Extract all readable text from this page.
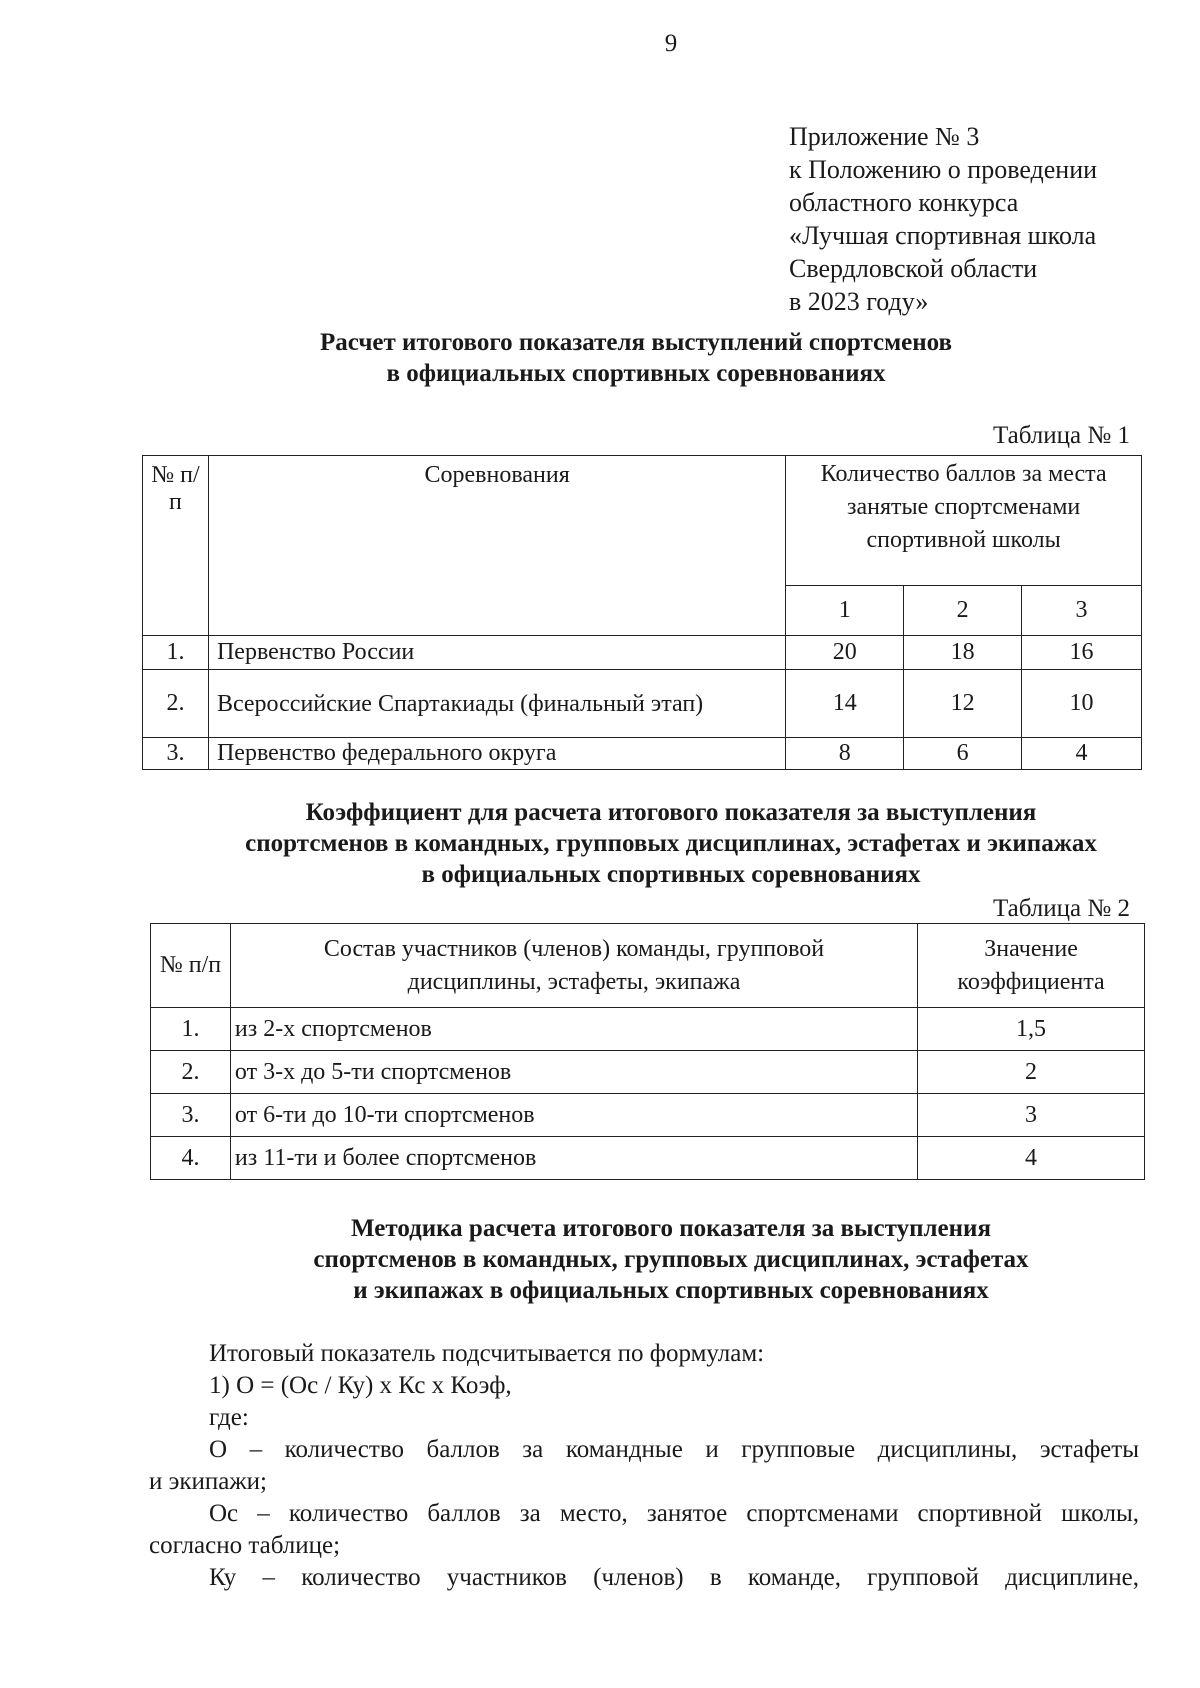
9
Приложение № 3
к Положению о проведении
областного конкурса
«Лучшая спортивная школа
Свердловской области
в 2023 году»
Расчет итогового показателя выступлений спортсменов
в официальных спортивных соревнованиях
Таблица № 1
№ п/п	Соревнования	Количество баллов за места занятые спортсменами спортивной школы		
		1	2	3
1.	Первенство России	20	18	16
2.	Всероссийские Спартакиады (финальный этап)	14	12	10
3.	Первенство федерального округа	8	6	4
Коэффициент для расчета итогового показателя за выступления
спортсменов в командных, групповых дисциплинах, эстафетах и экипажах
в официальных спортивных соревнованиях
Таблица № 2
№ п/п	Состав участников (членов) команды, групповой дисциплины, эстафеты, экипажа	Значение коэффициента
1.	из 2-х спортсменов	1,5
2.	от 3-х до 5-ти спортсменов	2
3.	от 6-ти до 10-ти спортсменов	3
4.	из 11-ти и более спортсменов	4
Методика расчета итогового показателя за выступления
спортсменов в командных, групповых дисциплинах, эстафетах
и экипажах в официальных спортивных соревнованиях
Итоговый показатель подсчитывается по формулам:
1) О = (Ос / Ку) х Кс х Коэф,
где:
О – количество баллов за командные и групповые дисциплины, эстафеты
и экипажи;
Ос – количество баллов за место, занятое спортсменами спортивной школы,
согласно таблице;
Ку – количество участников (членов) в команде, групповой дисциплине,
